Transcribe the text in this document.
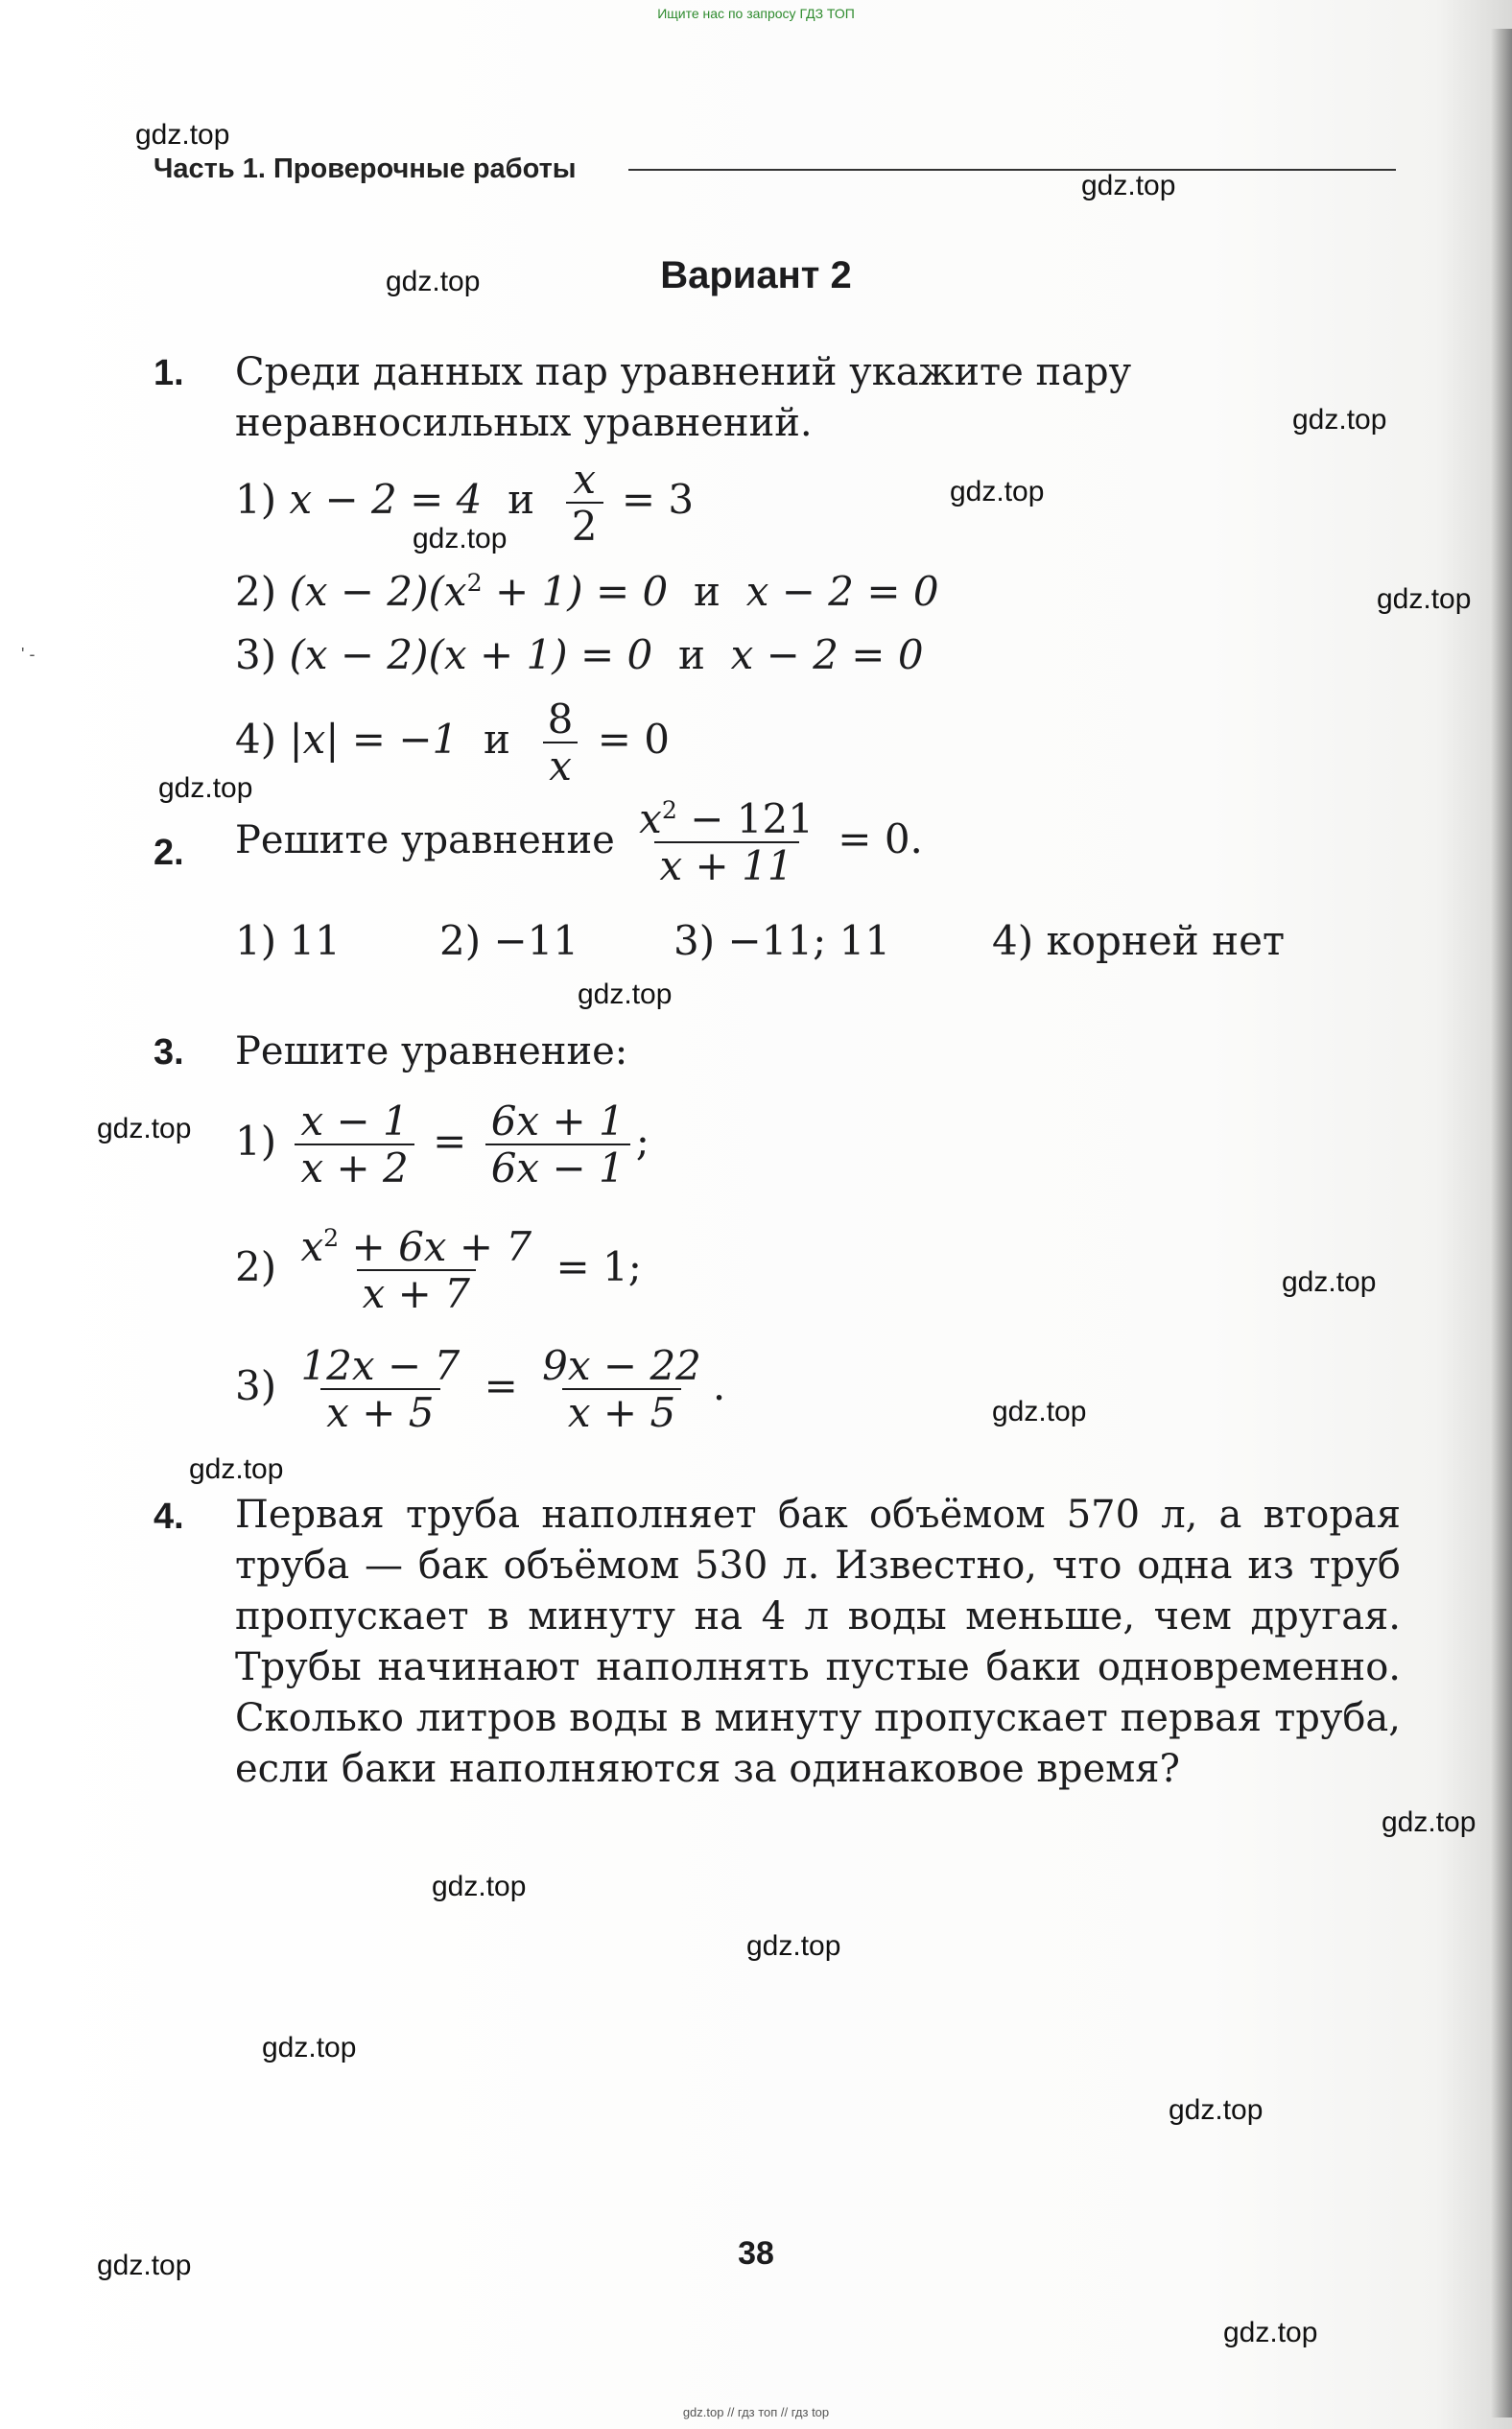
Ищите нас по запросу ГДЗ ТОП
Часть 1. Проверочные работы
Вариант 2
' -
gdz.top
gdz.top
gdz.top
gdz.top
gdz.top
gdz.top
gdz.top
gdz.top
gdz.top
gdz.top
gdz.top
gdz.top
gdz.top
gdz.top
gdz.top
gdz.top
gdz.top
gdz.top
gdz.top
gdz.top
1. Среди данных пар уравнений укажите пару неравносильных уравнений.
1) x − 2 = 4 и $\frac{x}{2} = 3$
2) $(x - 2)(x^2 + 1) = 0$ и x − 2 = 0
3) (x − 2)(x + 1) = 0 и x − 2 = 0
4) |x| = −1 и $\frac{8}{x} = 0$
2. Решите уравнение $\frac{x^2 - 121}{x + 11} = 0$.
1) 11 2) −11 3) −11; 11	4) корней нет
3. Решите уравнение:
$1) \frac{x - 1}{x + 2} = \frac{6x + 1}{6x - 1}$ ;
$2) \frac{x^2 + 6x + 7}{x + 7} = 1$;
$3) \frac{12x - 7}{x + 5} = \frac{9x - 22}{x + 5}$ .
4. Первая труба наполняет бак объёмом 570 л, а вторая труба — бак объёмом 530 л. Известно, что одна из труб пропускает в минуту на 4 л воды меньше, чем другая. Трубы начинают наполнять пустые баки одновременно. Сколько литров воды в минуту пропускает первая труба, если баки наполняются за одинаковое время?
38
gdz.top // гдз топ // гдз top
